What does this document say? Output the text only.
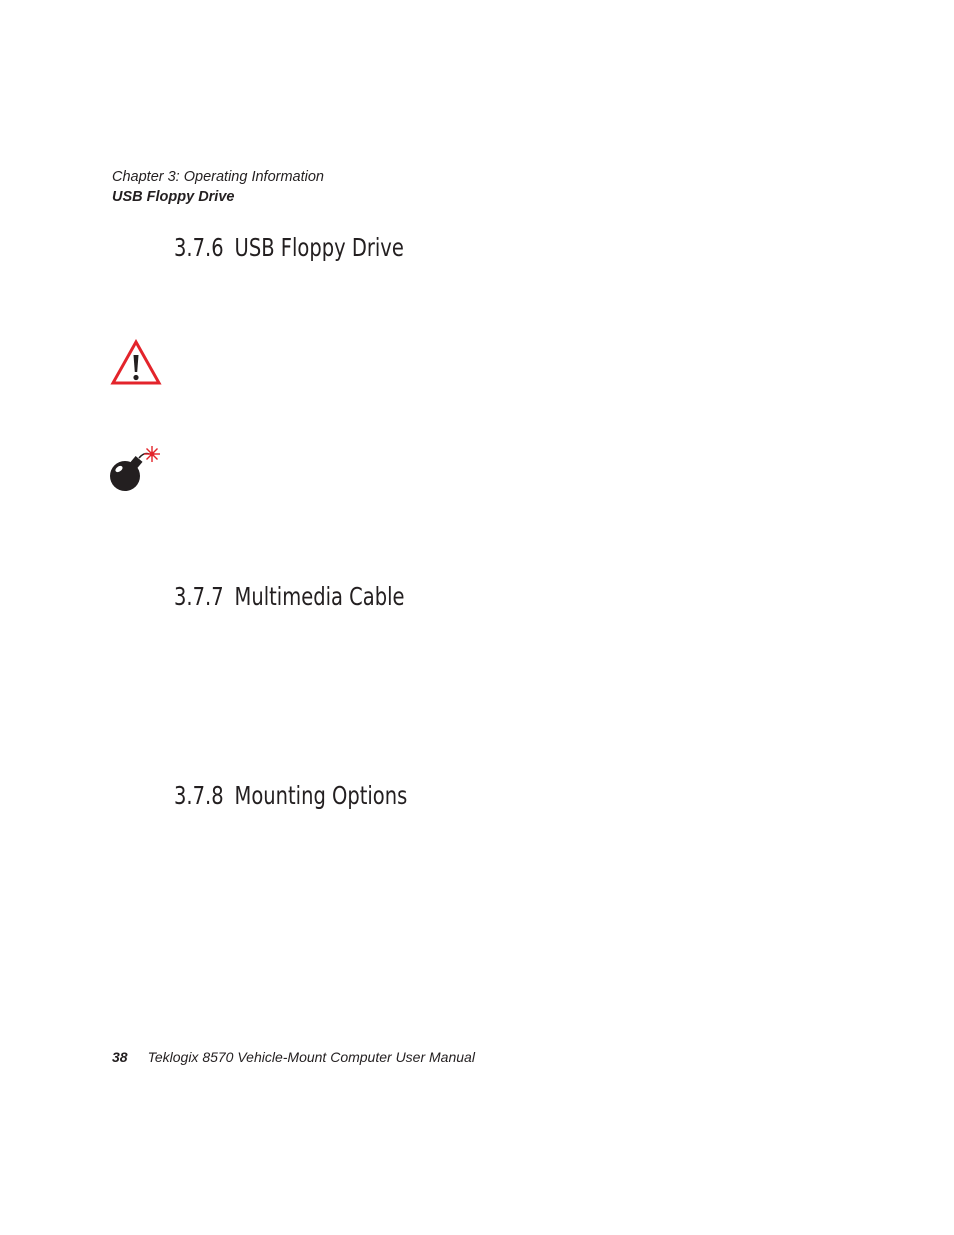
Chapter 3: Operating Information
USB Floppy Drive
3.7.6 USB Floppy Drive
3.7.7 Multimedia Cable
3.7.8 Mounting Options
38 Teklogix 8570 Vehicle-Mount Computer User Manual
